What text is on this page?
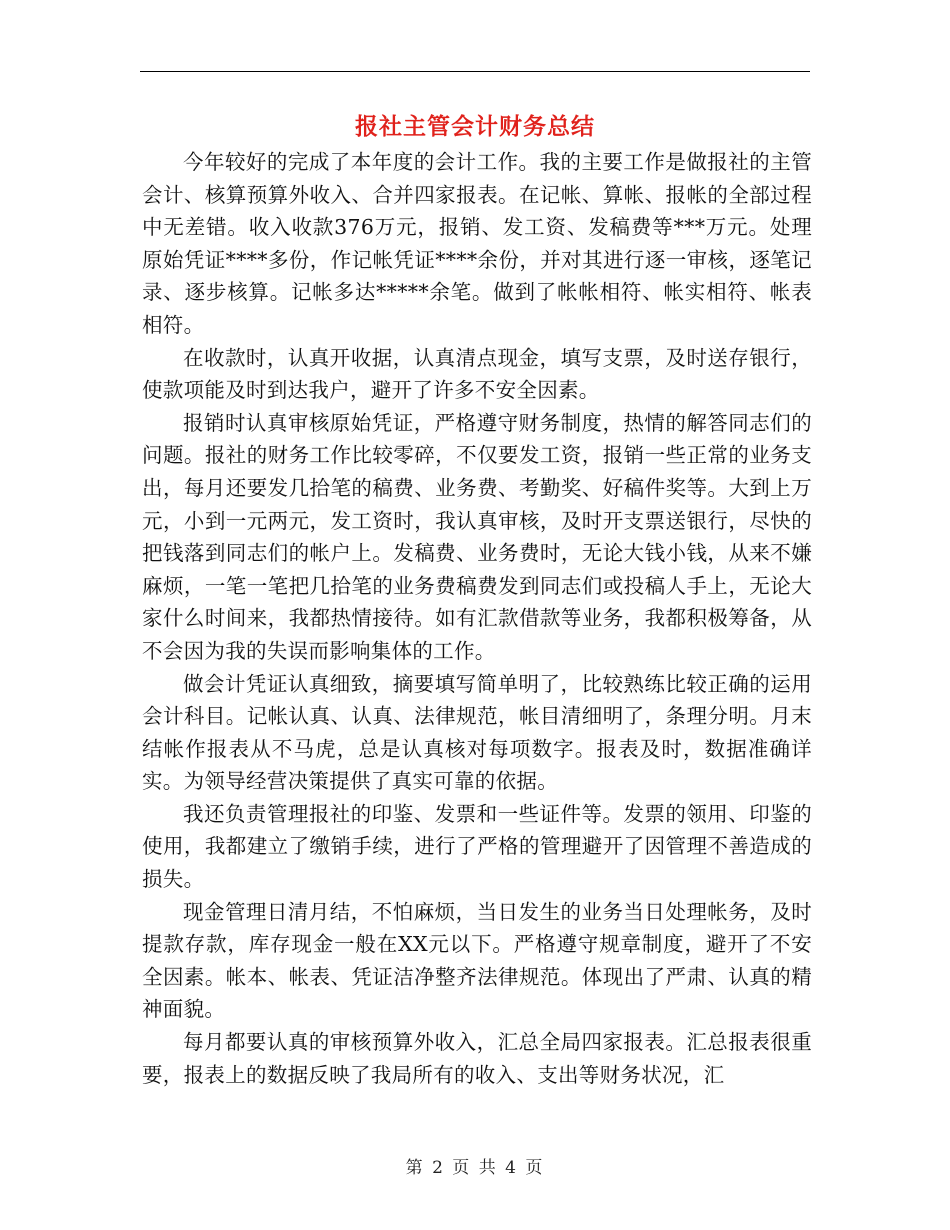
报社主管会计财务总结

今年较好的完成了本年度的会计工作。我的主要工作是做报社的主管会计、核算预算外收入、合并四家报表。在记帐、算帐、报帐的全部过程中无差错。收入收款376万元，报销、发工资、发稿费等***万元。处理原始凭证****多份，作记帐凭证****余份，并对其进行逐一审核，逐笔记录、逐步核算。记帐多达*****余笔。做到了帐帐相符、帐实相符、帐表相符。

在收款时，认真开收据，认真清点现金，填写支票，及时送存银行，使款项能及时到达我户，避开了许多不安全因素。

报销时认真审核原始凭证，严格遵守财务制度，热情的解答同志们的问题。报社的财务工作比较零碎，不仅要发工资，报销一些正常的业务支出，每月还要发几拾笔的稿费、业务费、考勤奖、好稿件奖等。大到上万元，小到一元两元，发工资时，我认真审核，及时开支票送银行，尽快的把钱落到同志们的帐户上。发稿费、业务费时，无论大钱小钱，从来不嫌麻烦，一笔一笔把几拾笔的业务费稿费发到同志们或投稿人手上，无论大家什么时间来，我都热情接待。如有汇款借款等业务，我都积极筹备，从不会因为我的失误而影响集体的工作。

做会计凭证认真细致，摘要填写简单明了，比较熟练比较正确的运用会计科目。记帐认真、认真、法律规范，帐目清细明了，条理分明。月末结帐作报表从不马虎，总是认真核对每项数字。报表及时，数据准确详实。为领导经营决策提供了真实可靠的依据。

我还负责管理报社的印鉴、发票和一些证件等。发票的领用、印鉴的使用，我都建立了缴销手续，进行了严格的管理避开了因管理不善造成的损失。

现金管理日清月结，不怕麻烦，当日发生的业务当日处理帐务，及时提款存款，库存现金一般在XX元以下。严格遵守规章制度，避开了不安全因素。帐本、帐表、凭证洁净整齐法律规范。体现出了严肃、认真的精神面貌。

每月都要认真的审核预算外收入，汇总全局四家报表。汇总报表很重要，报表上的数据反映了我局所有的收入、支出等财务状况，汇

第 2 页 共 4 页
